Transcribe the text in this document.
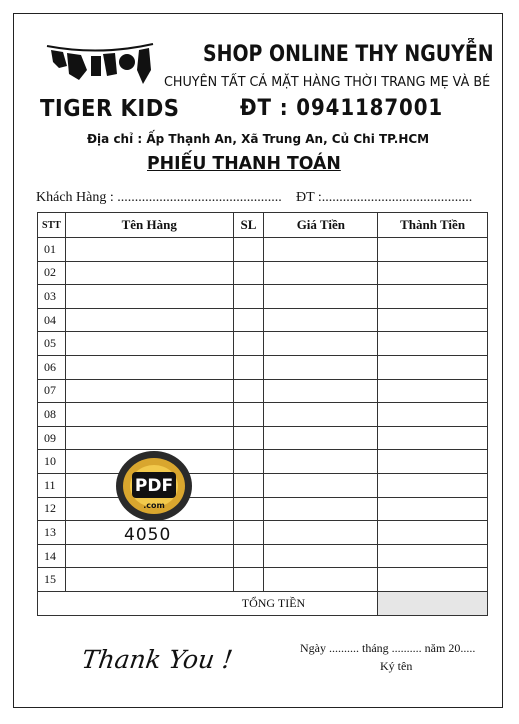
TIGER KIDS
SHOP ONLINE THY NGUYỄN
CHUYÊN TẤT CẢ MẶT HÀNG THỜI TRANG MẸ VÀ BÉ
ĐT : 0941187001
Địa chỉ : Ấp Thạnh An, Xã Trung An, Củ Chi TP.HCM
PHIẾU THANH TOÁN
Khách Hàng : ............................................... ĐT :...........................................
STT	Tên Hàng	SL	Giá Tiền	Thành Tiền
01				
02				
03				
04				
05				
06				
07				
08				
09				
10				
11				
12				
13				
14				
15				
TỔNG TIỀN				
PDF
.com
4050
Thank You !	Ngày .......... tháng .......... năm 20.....
Ký tên
